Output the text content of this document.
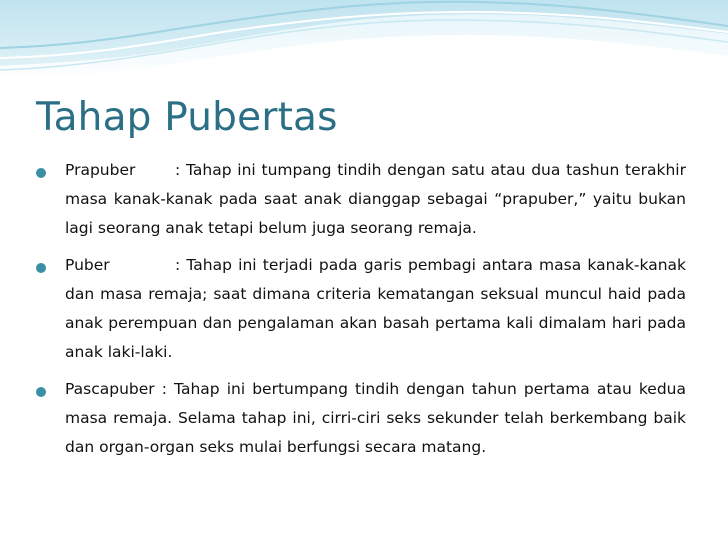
Tahap Pubertas
Prapuber	: Tahap ini tumpang tindih dengan satu atau dua tashun terakhir masa kanak-kanak pada saat anak dianggap sebagai “prapuber,” yaitu bukan lagi seorang anak tetapi belum juga seorang remaja.
Puber	: Tahap ini terjadi pada garis pembagi antara masa kanak-kanak dan masa remaja; saat dimana criteria kematangan seksual muncul haid pada anak perempuan dan pengalaman akan basah pertama kali dimalam hari pada anak laki-laki.
Pascapuber : Tahap ini bertumpang tindih dengan tahun pertama atau kedua masa remaja. Selama tahap ini, cirri-ciri seks sekunder telah berkembang baik dan organ-organ seks mulai berfungsi secara matang.
